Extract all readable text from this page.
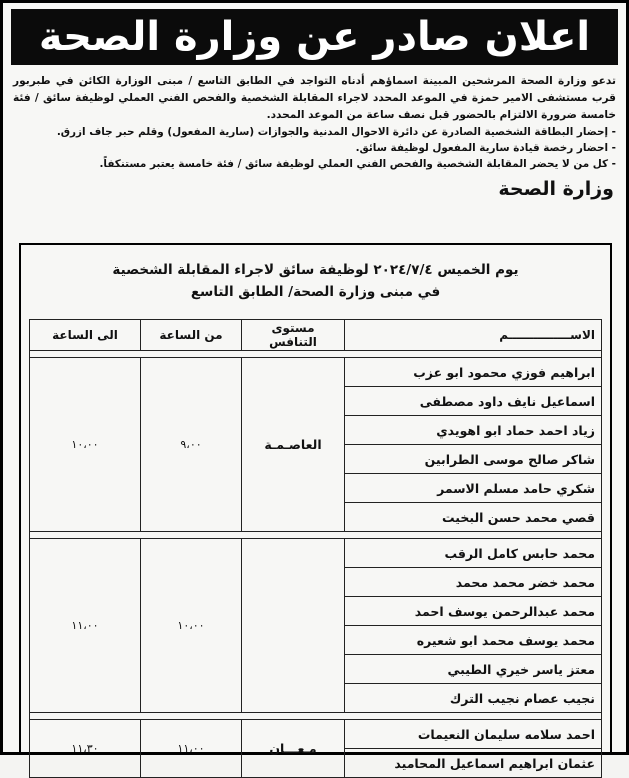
اعلان صادر عن وزارة الصحة

تدعو وزارة الصحة المرشحين المبينة اسماؤهم أدناه التواجد في الطابق التاسع / مبنى الوزارة الكائن في طبربور قرب مستشفى الامير حمزة في الموعد المحدد لاجراء المقابلة الشخصية والفحص الفني العملي لوظيفة سائق / فئة خامسة ضرورة الالتزام بالحضور قبل نصف ساعة من الموعد المحدد.

- إحضار البطاقة الشخصية الصادرة عن دائرة الاحوال المدنية والجوازات (سارية المفعول) وقلم حبر جاف ازرق.
- احضار رخصة قيادة سارية المفعول لوظيفة سائق.
- كل من لا يحضر المقابلة الشخصية والفحص الفني العملي لوظيفة سائق / فئة خامسة يعتبر مستنكفاً.
وزارة الصحة
يوم الخميس ٢٠٢٤/٧/٤ لوظيفة سائق لاجراء المقابلة الشخصية
في مبنى وزارة الصحة/ الطابق التاسع
الاســـــــــــــــم	مستوى التنافس	من الساعة	الى الساعة

ابراهيم فوزي محمود ابو عزب	العاصـمـة	٩،٠٠	١٠،٠٠
اسماعيل نايف داود مصطفى			
زياد احمد حماد ابو اهويدي			
شاكر صالح موسى الطرابين			
شكري حامد مسلم الاسمر			
قصي محمد حسن البخيت			

محمد حابس كامل الرقب		١٠،٠٠	١١،٠٠
محمد خضر محمد محمد			
محمد عبدالرحمن يوسف احمد			
محمد يوسف محمد ابو شعيره			
معتز ياسر خيري الطيبي			
نجيب عصام نجيب الترك			

احمد سلامه سليمان النعيمات	مـعـــان	١١،٠٠	١١،٣٠
عثمان ابراهيم اسماعيل المحاميد			
